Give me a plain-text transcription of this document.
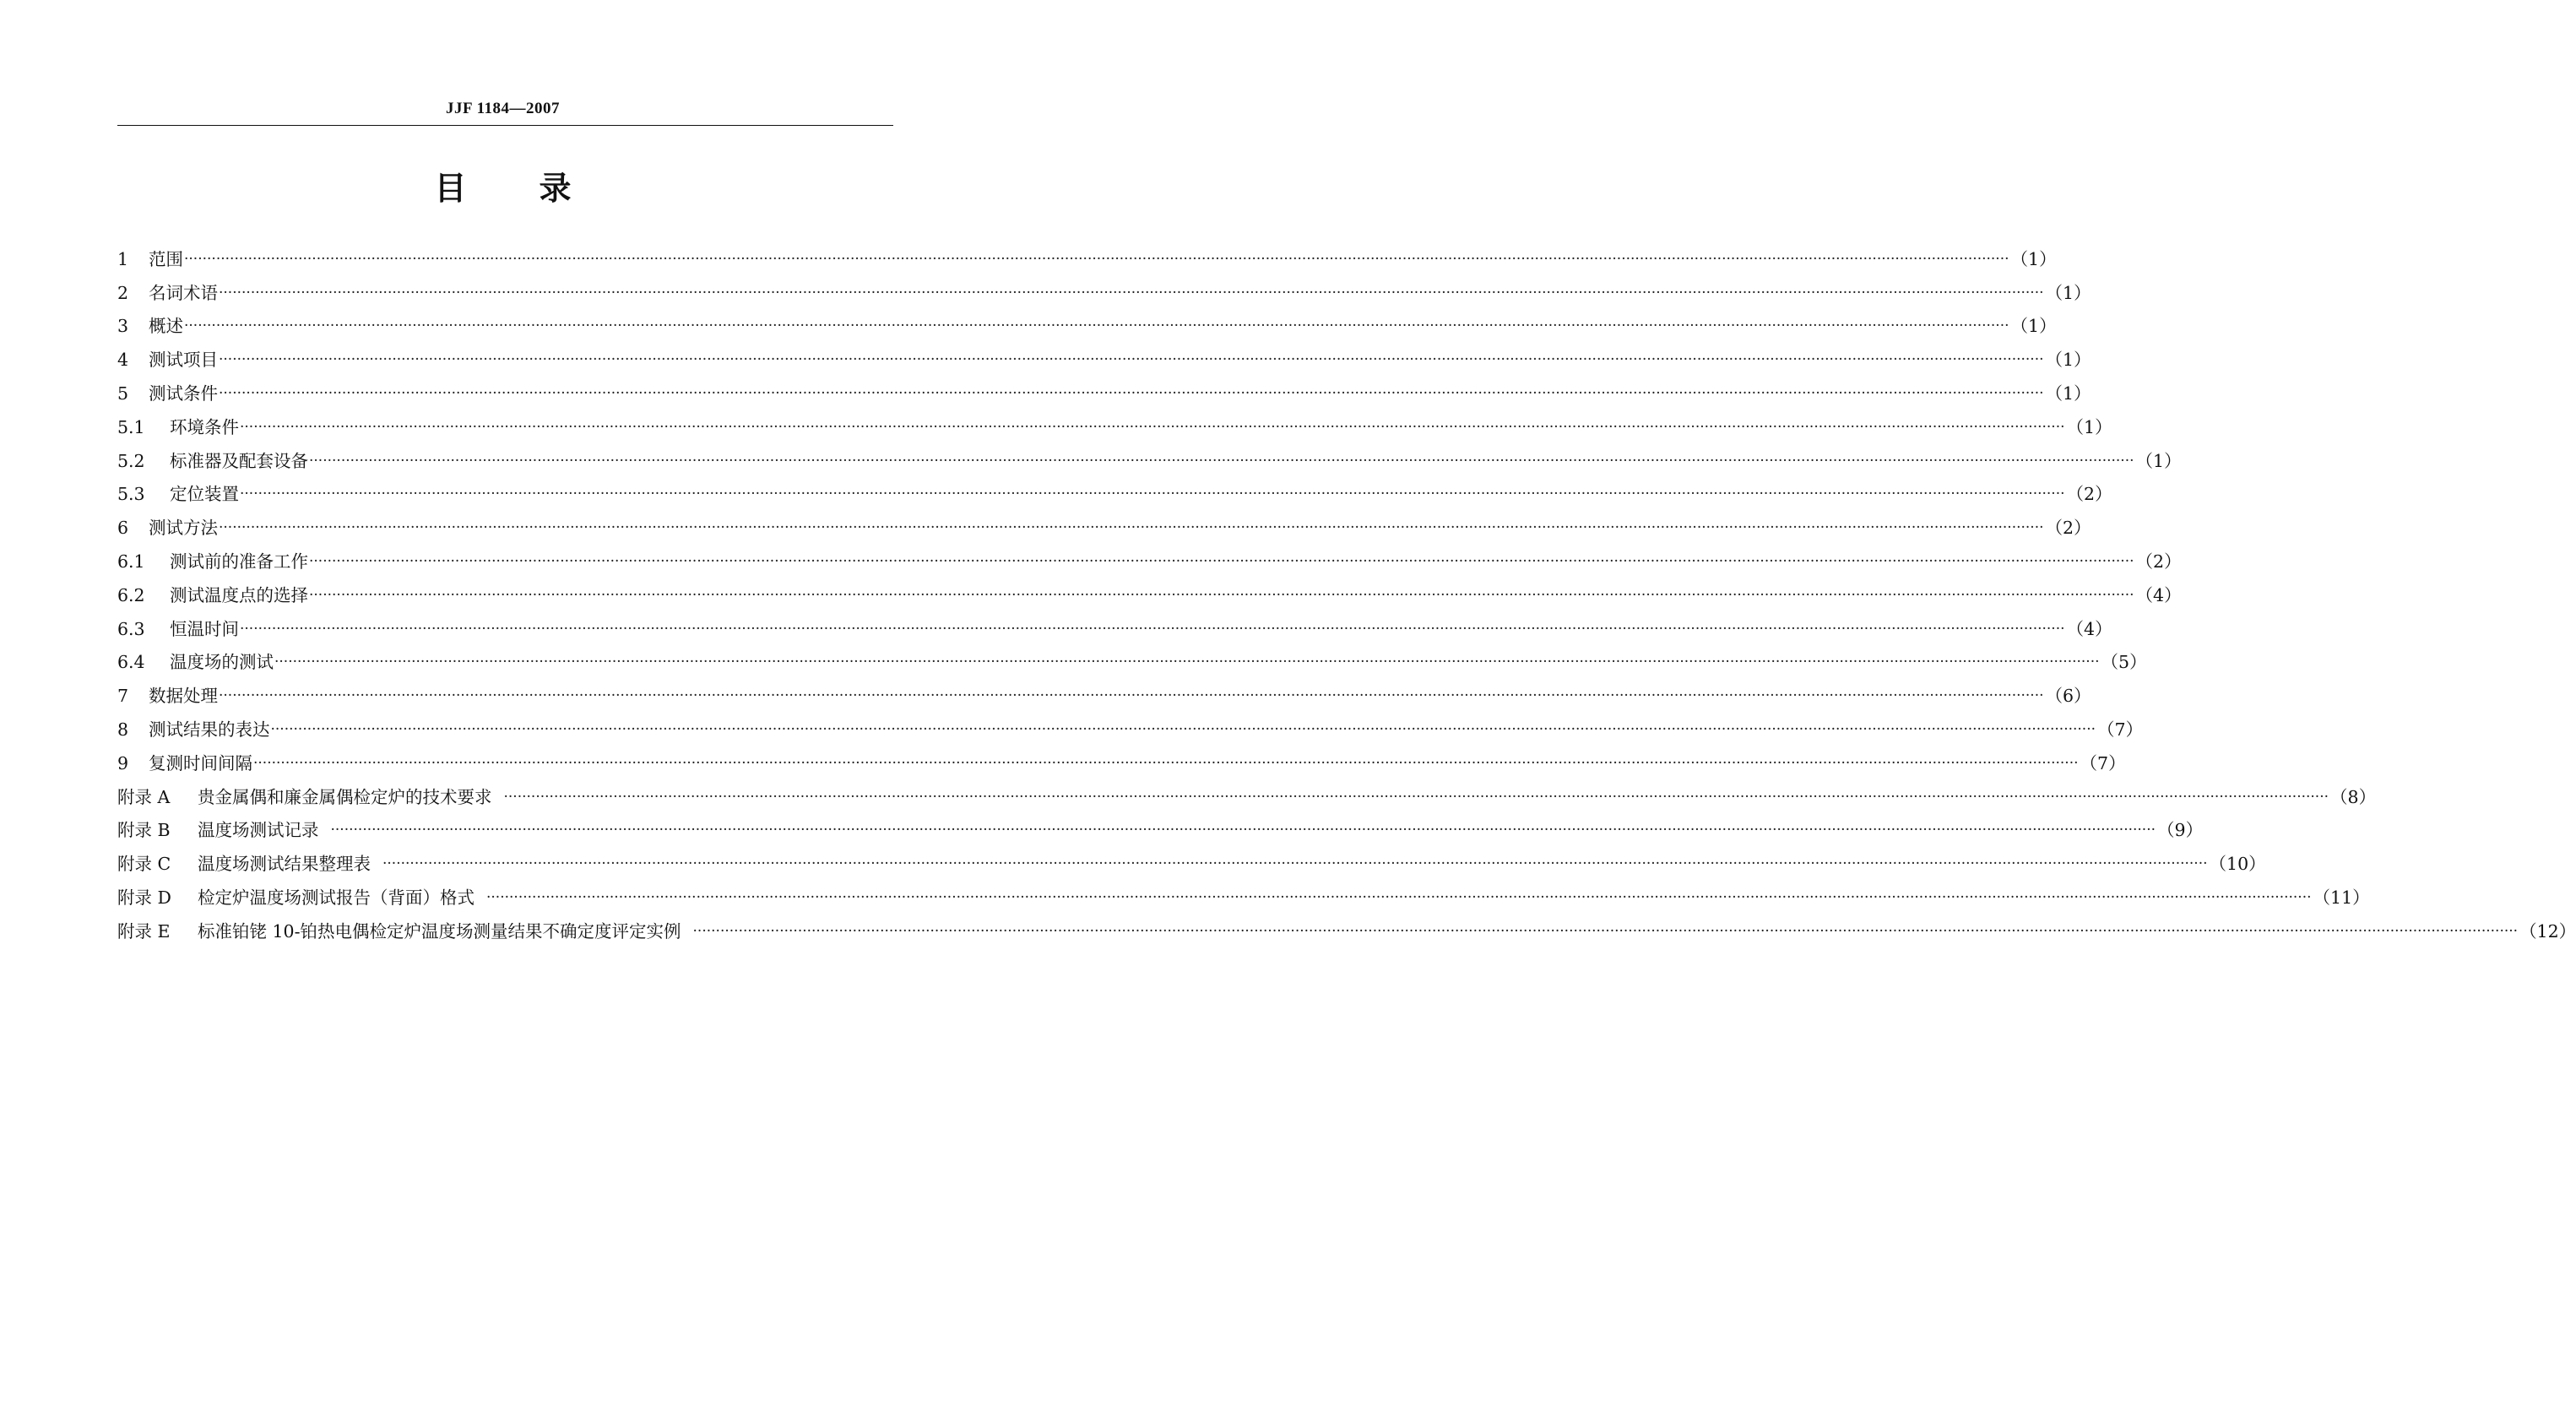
JJF 1184—2007
目 录
1	范围 ················································································································································································································································································································································································································ （1）
2	名词术语 ················································································································································································································································································································································································································ （1）
3	概述 ················································································································································································································································································································································································································ （1）
4	测试项目 ················································································································································································································································································································································································································ （1）
5	测试条件 ················································································································································································································································································································································································································ （1）
5.1	环境条件 ················································································································································································································································································································································································································ （1）
5.2	标准器及配套设备 ················································································································································································································································································································································································································ （1）
5.3	定位装置 ················································································································································································································································································································································································································ （2）
6	测试方法 ················································································································································································································································································································································································································ （2）
6.1	测试前的准备工作 ················································································································································································································································································································································································································ （2）
6.2	测试温度点的选择 ················································································································································································································································································································································································································ （4）
6.3	恒温时间 ················································································································································································································································································································································································································ （4）
6.4	温度场的测试 ················································································································································································································································································································································································································ （5）
7	数据处理 ················································································································································································································································································································································································································ （6）
8	测试结果的表达 ················································································································································································································································································································································································································ （7）
9	复测时间间隔 ················································································································································································································································································································································································································ （7）
附录 A	贵金属偶和廉金属偶检定炉的技术要求 ················································································································································································································································································································································································································ （8）
附录 B	温度场测试记录 ················································································································································································································································································································································································································ （9）
附录 C	温度场测试结果整理表 ················································································································································································································································································································································································································ （10）
附录 D	检定炉温度场测试报告（背面）格式 ················································································································································································································································································································································································································ （11）
附录 E	标准铂铑 10-铂热电偶检定炉温度场测量结果不确定度评定实例 ················································································································································································································································································································································································································ （12）
